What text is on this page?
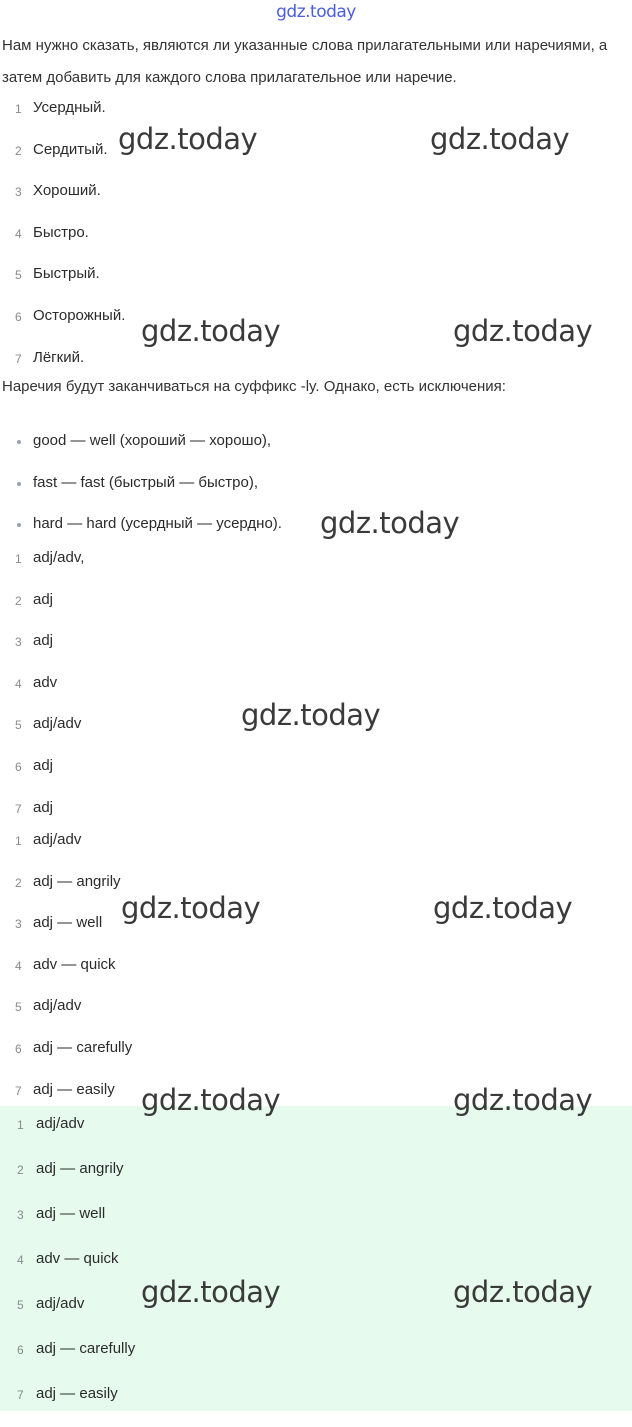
gdz.today
Нам нужно сказать, являются ли указанные слова прилагательными или наречиями, а затем добавить для каждого слова прилагательное или наречие.
1 Усердный.
2 Сердитый.
3 Хороший.
4 Быстро.
5 Быстрый.
6 Осторожный.
7 Лёгкий.
Наречия будут заканчиваться на суффикс -ly. Однако, есть исключения:
good — well (хороший — хорошо),
fast — fast (быстрый — быстро),
hard — hard (усердный — усердно).
1 adj/adv,
2 adj
3 adj
4 adv
5 adj/adv
6 adj
7 adj
1 adj/adv
2 adj — angrily
3 adj — well
4 adv — quick
5 adj/adv
6 adj — carefully
7 adj — easily
1 adj/adv
2 adj — angrily
3 adj — well
4 adv — quick
5 adj/adv
6 adj — carefully
7 adj — easily
gdz.today	gdz.today
gdz.today	gdz.today
gdz.today
gdz.today
gdz.today	gdz.today
gdz.today	gdz.today
gdz.today	gdz.today
